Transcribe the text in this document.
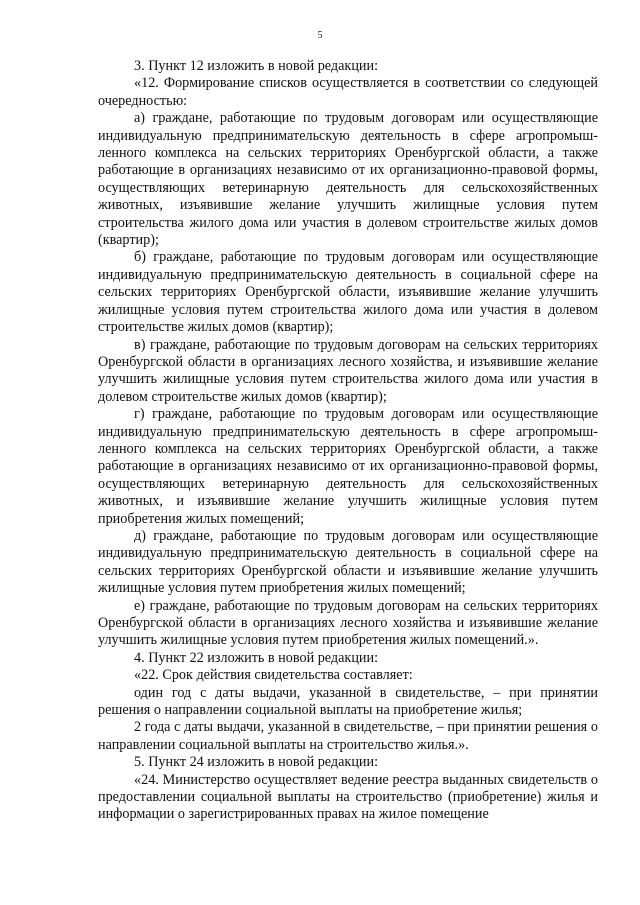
5

3. Пункт 12 изложить в новой редакции:

«12. Формирование списков осуществляется в соответствии со следующей очередностью:

а) граждане, работающие по трудовым договорам или осуществляющие индивидуальную предпринимательскую деятельность в сфере агропромышленного комплекса на сельских территориях Оренбургской области, а также работающие в организациях независимо от их организационно-правовой формы, осуществляющих ветеринарную деятельность для сельскохозяйственных животных, изъявившие желание улучшить жилищные условия путем строительства жилого дома или участия в долевом строительстве жилых домов (квартир);

б) граждане, работающие по трудовым договорам или осуществляющие индивидуальную предпринимательскую деятельность в социальной сфере на сельских территориях Оренбургской области, изъявившие желание улучшить жилищные условия путем строительства жилого дома или участия в долевом строительстве жилых домов (квартир);

в) граждане, работающие по трудовым договорам на сельских территориях Оренбургской области в организациях лесного хозяйства, и изъявившие желание улучшить жилищные условия путем строительства жилого дома или участия в долевом строительстве жилых домов (квартир);

г) граждане, работающие по трудовым договорам или осуществляющие индивидуальную предпринимательскую деятельность в сфере агропромышленного комплекса на сельских территориях Оренбургской области, а также работающие в организациях независимо от их организационно-правовой формы, осуществляющих ветеринарную деятельность для сельскохозяйственных животных, и изъявившие желание улучшить жилищные условия путем приобретения жилых помещений;

д) граждане, работающие по трудовым договорам или осуществляющие индивидуальную предпринимательскую деятельность в социальной сфере на сельских территориях Оренбургской области и изъявившие желание улучшить жилищные условия путем приобретения жилых помещений;

е) граждане, работающие по трудовым договорам на сельских территориях Оренбургской области в организациях лесного хозяйства и изъявившие желание улучшить жилищные условия путем приобретения жилых помещений.».

4. Пункт 22 изложить в новой редакции:

«22. Срок действия свидетельства составляет:

один год с даты выдачи, указанной в свидетельстве, – при принятии решения о направлении социальной выплаты на приобретение жилья;

2 года с даты выдачи, указанной в свидетельстве, – при принятии решения о направлении социальной выплаты на строительство жилья.».

5. Пункт 24 изложить в новой редакции:

«24. Министерство осуществляет ведение реестра выданных свидетельств о предоставлении социальной выплаты на строительство (приобретение) жилья и информации о зарегистрированных правах на жилое помещение
